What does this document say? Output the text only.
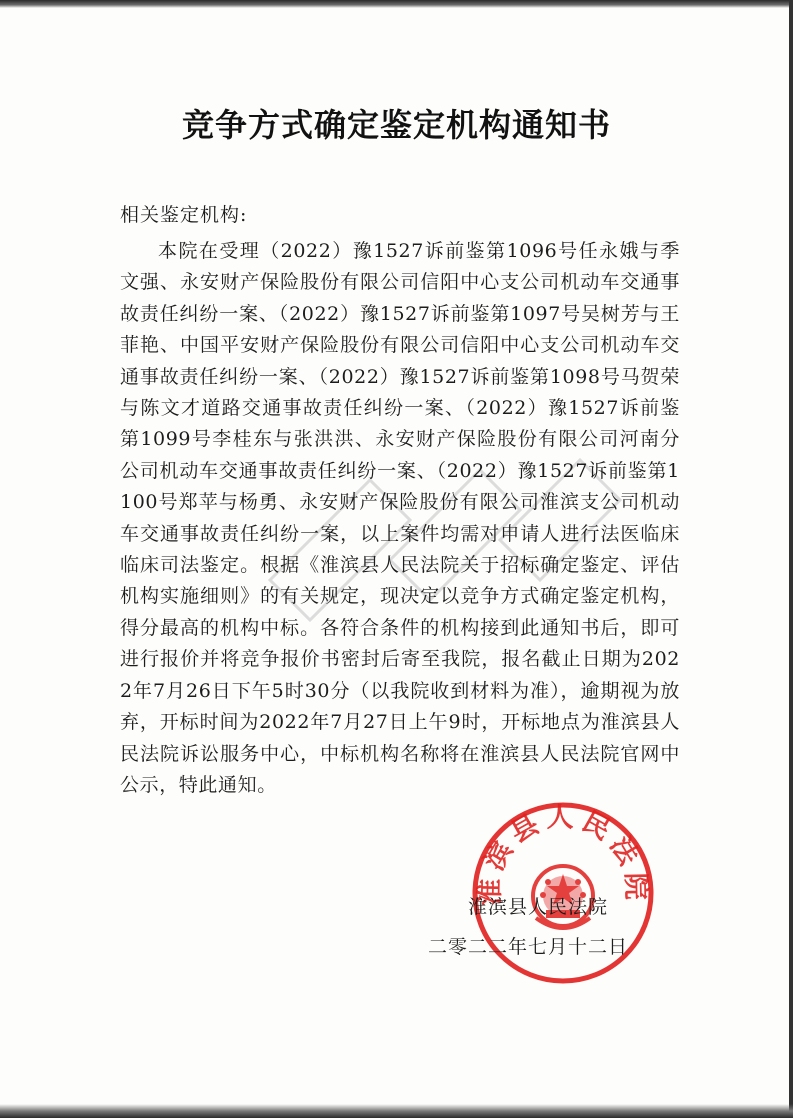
竞争方式确定鉴定机构通知书
相关鉴定机构:

本院在受理（2022）豫1527诉前鉴第1096号任永娥与季文强、永安财产保险股份有限公司信阳中心支公司机动车交通事故责任纠纷一案、（2022）豫1527诉前鉴第1097号吴树芳与王菲艳、中国平安财产保险股份有限公司信阳中心支公司机动车交通事故责任纠纷一案、（2022）豫1527诉前鉴第1098号马贺荣与陈文才道路交通事故责任纠纷一案、（2022）豫1527诉前鉴第1099号李桂东与张洪洪、永安财产保险股份有限公司河南分公司机动车交通事故责任纠纷一案、（2022）豫1527诉前鉴第1100号郑苹与杨勇、永安财产保险股份有限公司淮滨支公司机动车交通事故责任纠纷一案，以上案件均需对申请人进行法医临床临床司法鉴定。根据《淮滨县人民法院关于招标确定鉴定、评估机构实施细则》的有关规定，现决定以竞争方式确定鉴定机构，得分最高的机构中标。各符合条件的机构接到此通知书后，即可进行报价并将竞争报价书密封后寄至我院，报名截止日期为2022年7月26日下午5时30分（以我院收到材料为准），逾期视为放弃，开标时间为2022年7月27日上午9时，开标地点为淮滨县人民法院诉讼服务中心，中标机构名称将在淮滨县人民法院官网中公示，特此通知。

淮滨县人民法院
淮滨县人民法院
二零二二年七月十二日
